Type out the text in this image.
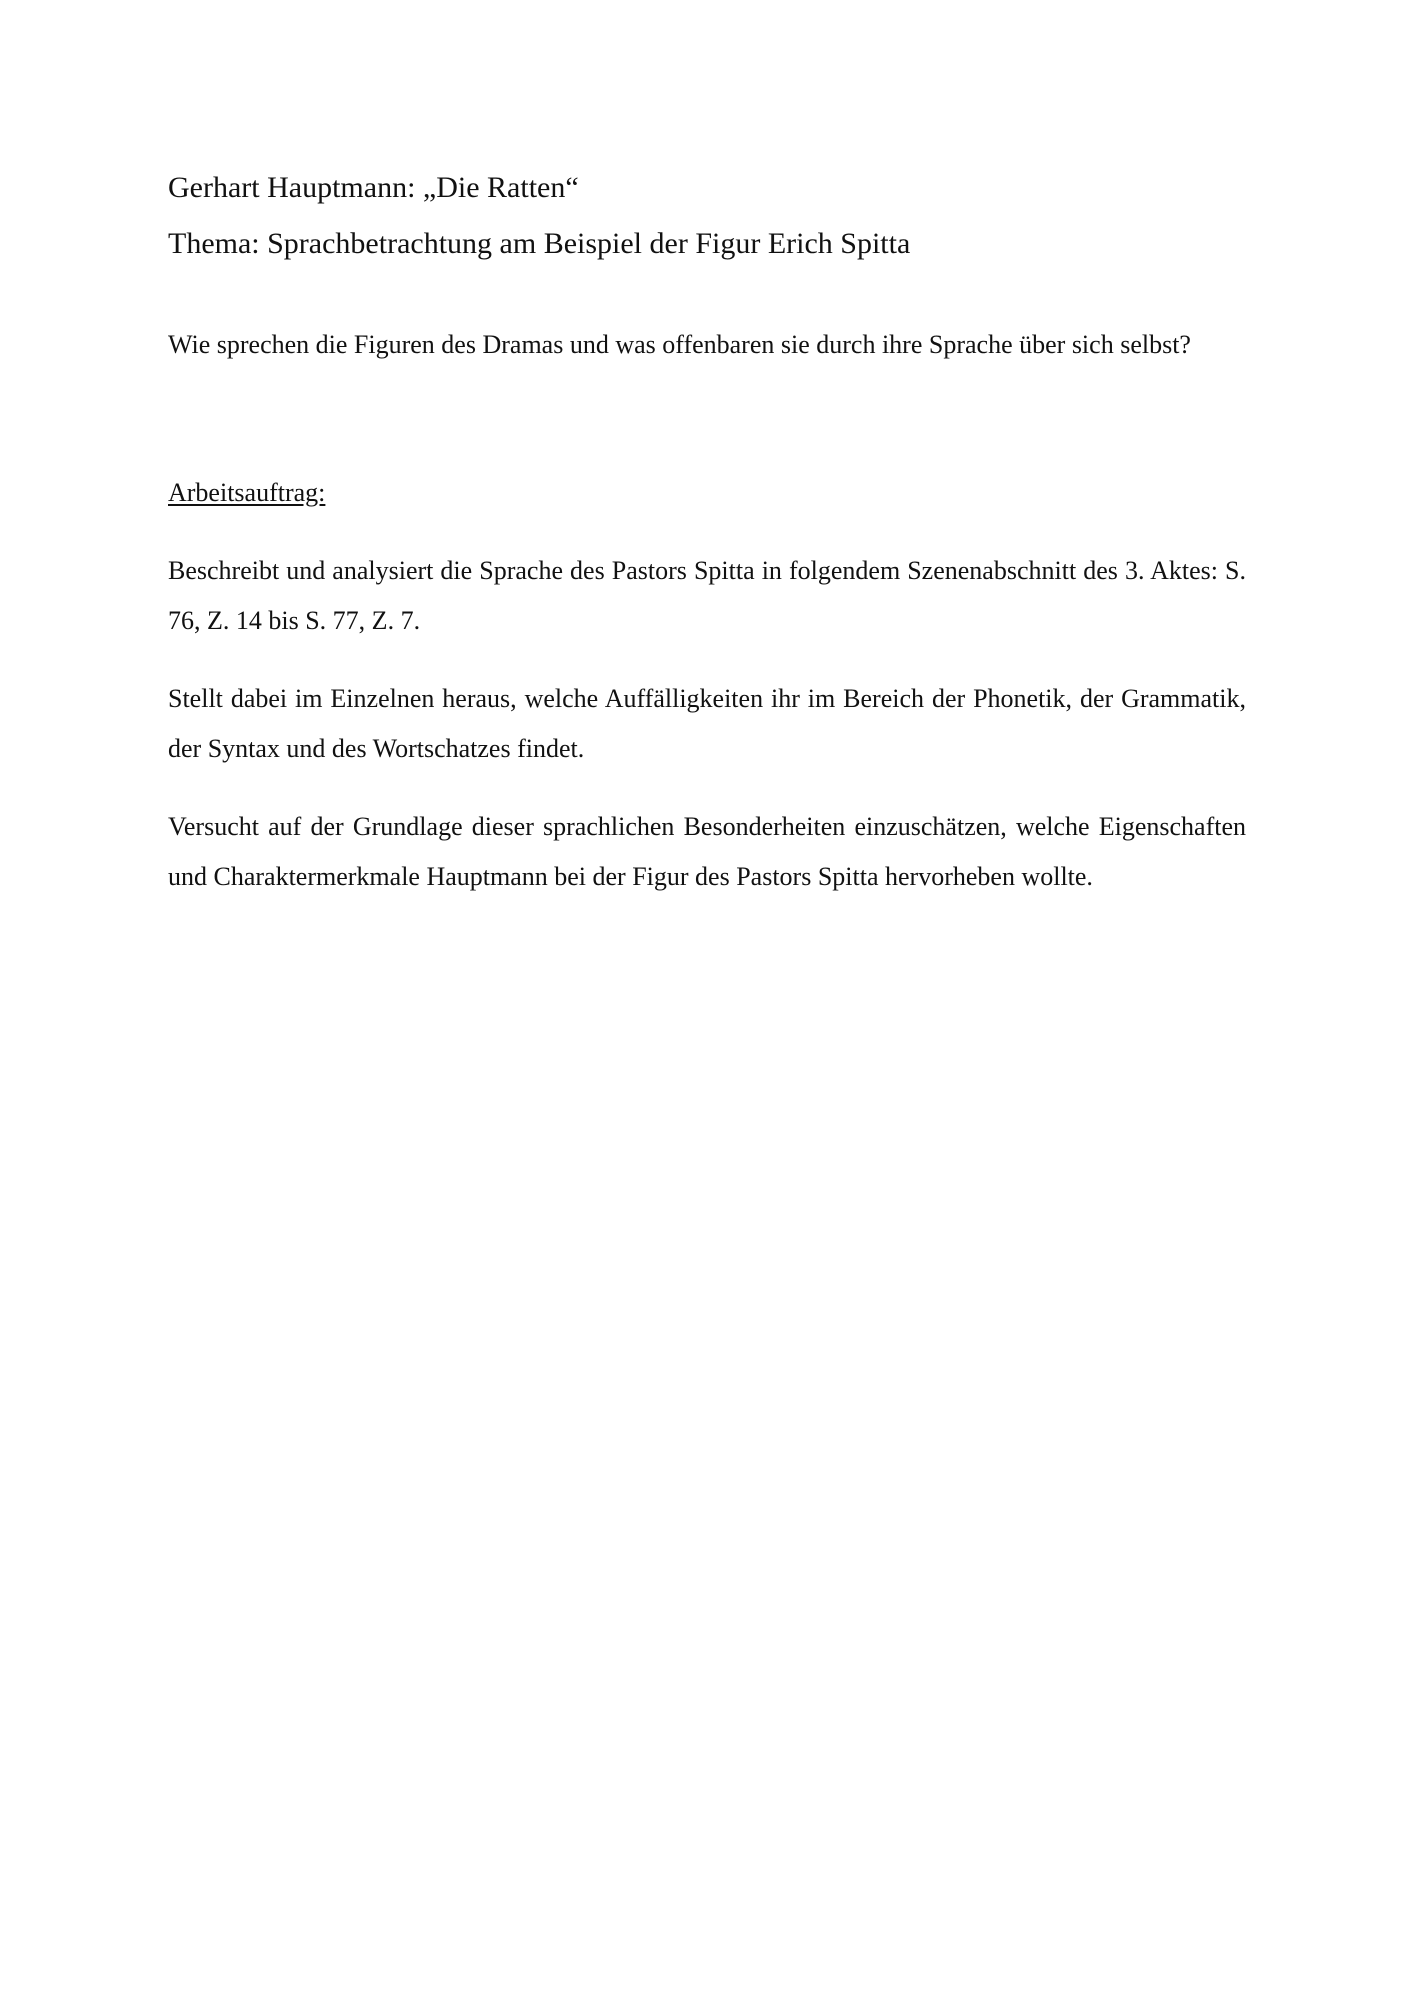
Gerhart Hauptmann: „Die Ratten“

Thema: Sprachbetrachtung am Beispiel der Figur Erich Spitta

Wie sprechen die Figuren des Dramas und was offenbaren sie durch ihre Sprache über sich selbst?

Arbeitsauftrag:

Beschreibt und analysiert die Sprache des Pastors Spitta in folgendem Szenenabschnitt des 3. Aktes: S. 76, Z. 14 bis S. 77, Z. 7.

Stellt dabei im Einzelnen heraus, welche Auffälligkeiten ihr im Bereich der Phonetik, der Grammatik, der Syntax und des Wortschatzes findet.

Versucht auf der Grundlage dieser sprachlichen Besonderheiten einzuschätzen, welche Eigenschaften und Charaktermerkmale Hauptmann bei der Figur des Pastors Spitta hervorheben wollte.
